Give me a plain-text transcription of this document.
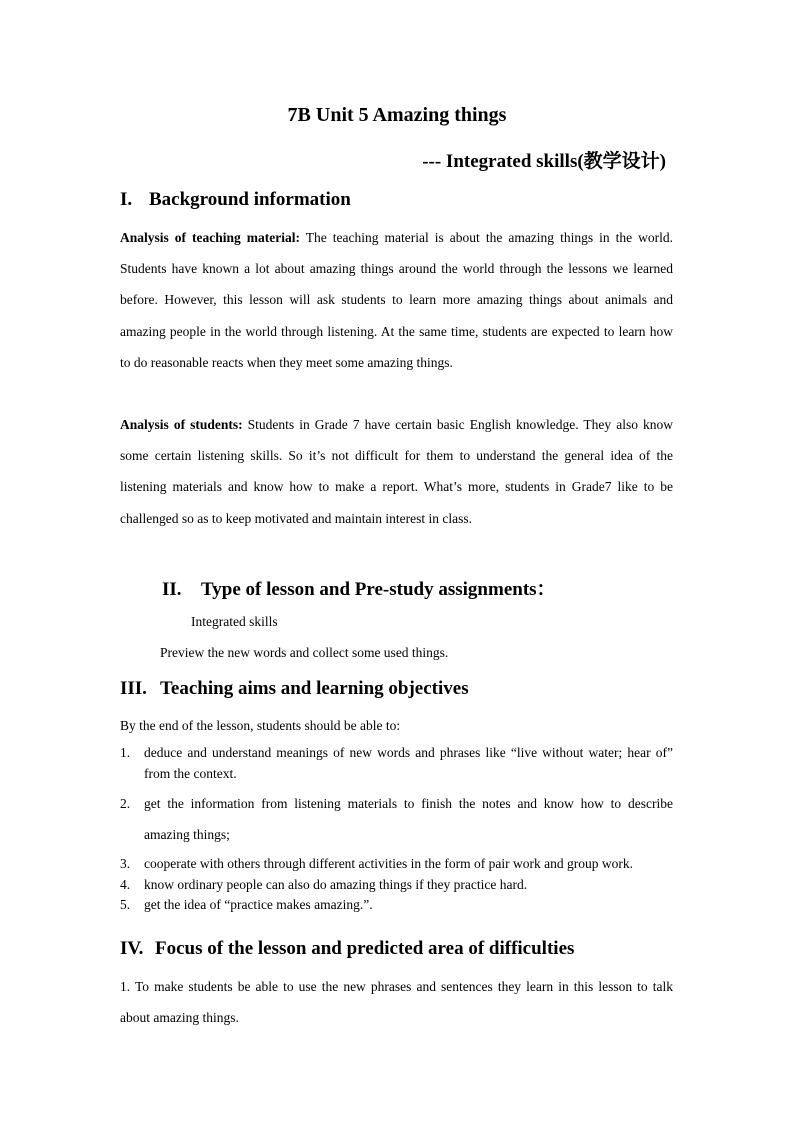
7B Unit 5 Amazing things
--- Integrated skills(教学设计)
I. Background information
Analysis of teaching material: The teaching material is about the amazing things in the world. Students have known a lot about amazing things around the world through the lessons we learned before. However, this lesson will ask students to learn more amazing things about animals and amazing people in the world through listening. At the same time, students are expected to learn how to do reasonable reacts when they meet some amazing things.
Analysis of students: Students in Grade 7 have certain basic English knowledge. They also know some certain listening skills. So it’s not difficult for them to understand the general idea of the listening materials and know how to make a report. What’s more, students in Grade7 like to be challenged so as to keep motivated and maintain interest in class.
II. Type of lesson and Pre-study assignments：
Integrated skills
Preview the new words and collect some used things.
III. Teaching aims and learning objectives
By the end of the lesson, students should be able to:
1. deduce and understand meanings of new words and phrases like “live without water; hear of” from the context.
2. get the information from listening materials to finish the notes and know how to describe amazing things;
3. cooperate with others through different activities in the form of pair work and group work.
4. know ordinary people can also do amazing things if they practice hard.
5. get the idea of “practice makes amazing.”.
IV. Focus of the lesson and predicted area of difficulties
1. To make students be able to use the new phrases and sentences they learn in this lesson to talk about amazing things.
